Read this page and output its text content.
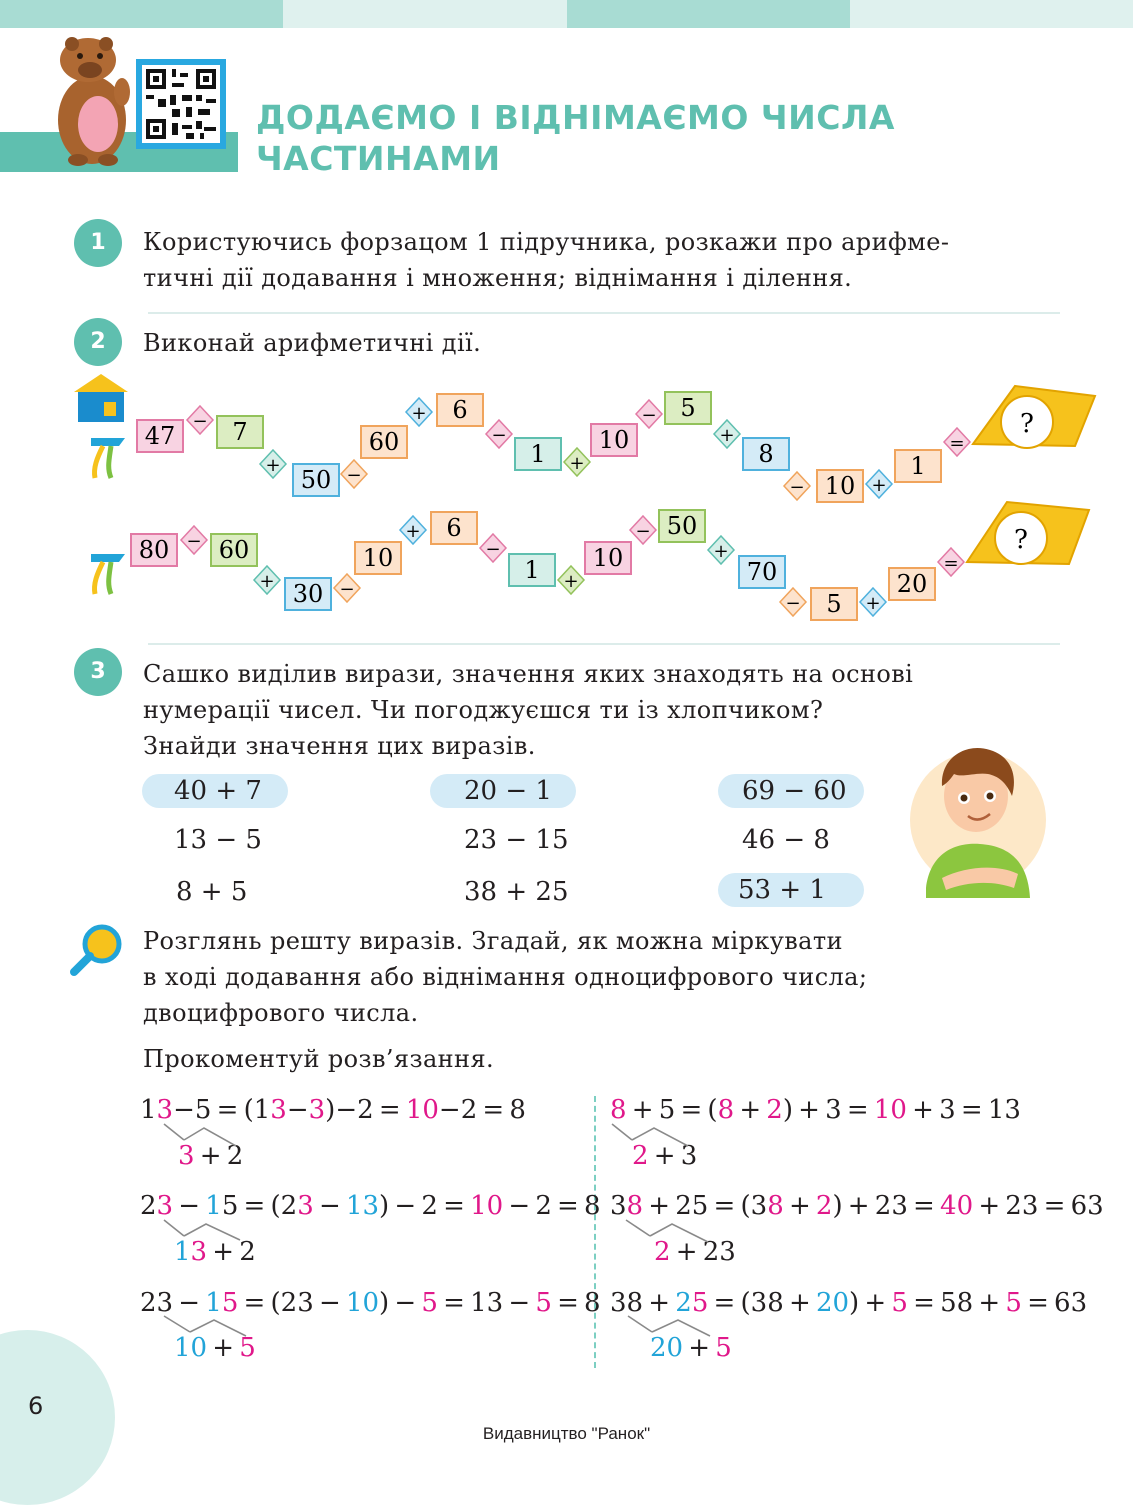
ДОДАЄМО І ВІДНІМАЄМО ЧИСЛА
ЧАСТИНАМИ
1	Користуючись форзацом 1 підручника, розкажи про арифме-
тичні дії додавання і множення; віднімання і ділення.
2	Виконай арифметичні дії.
47 7
50
60
6
1 10
5
8
10
1
−
+	−
+
−
+
−
+
−	+
=
?
80 60
30
10
6
1 10
50
70
5
20
−
+	−
+
−
+
−
+
−	+
=
?
3	Сашко виділив вирази, значення яких знаходять на основі
нумерації чисел. Чи погоджуєшся ти із хлопчиком?
Знайди значення цих виразів.
40 + 7	20 − 1	69 − 60
13 − 5	23 − 15	46 − 8
8 + 5	38 + 25	53 + 1
Розглянь решту виразів. Згадай, як можна міркувати
в ході додавання або віднімання одноцифрового числа;
двоцифрового числа.
Прокоментуй розв’язання.
13−5 = (13−3)−2 = 10−2 = 8
3 + 2
23 − 15 = (23 − 13) − 2 = 10 − 2 = 8
13 + 2
23 − 15 = (23 − 10) − 5 = 13 − 5 = 8
10 + 5
8 + 5 = (8 + 2) + 3 = 10 + 3 = 13
2 + 3
38 + 25 = (38 + 2) + 23 = 40 + 23 = 63
2 + 23
38 + 25 = (38 + 20) + 5 = 58 + 5 = 63
20 + 5
6
Видавництво "Ранок"
